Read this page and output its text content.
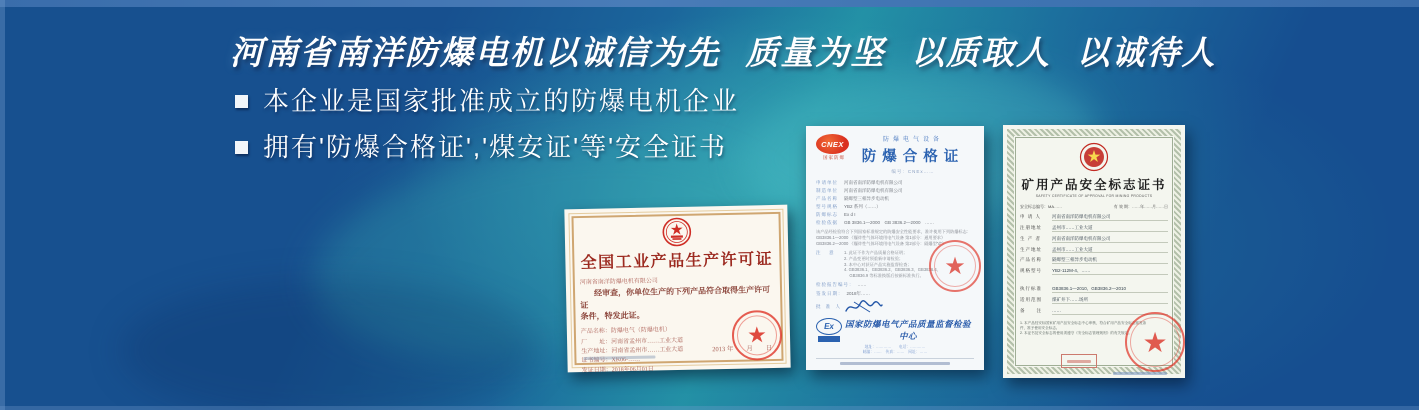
河南省南洋防爆电机以诚信为先 质量为坚 以质取人 以诚待人
本企业是国家批准成立的防爆电机企业
拥有'防爆合格证','煤安证'等'安全证书
全国工业产品生产许可证
河南省南洋防爆电机有限公司
经审查，你单位生产的下列产品符合取得生产许可证
条件，特发此证。
产品名称：防爆电气（防爆电机）
厂　　址：河南省孟州市……工业大道
生产地址：河南省孟州市……工业大道
证书编号：XK06-……
发证日期：2018年06月01日
2013 年　　月　　日
★
CNEX
国家防爆
防爆电气设备
防爆合格证
编号：CNEx……
申请单位	河南省南洋防爆电机有限公司
制造单位	河南省南洋防爆电机有限公司
产品名称	隔爆型三相异步电动机
型号规格	YB2 系列（……）
防爆标志	Ex d I
检验依据	GB 3836.1—2000　GB 3836.2—2000　……
该产品经检验符合下列国家标准规定的防爆安全性能要求，准许使用下列防爆标志：
GB3836.1—2000 《爆炸性气体环境用电气设备 第1部分：通用要求》
GB3836.2—2000 《爆炸性气体环境用电气设备 第2部分：隔爆型“d”》
注　意	1. 此证不作为产品质量合格证明；
2. 产品变更时须重新申请检验；
3. 本中心对获证产品实施监督检查；
4. GB3836.1、GB3836.2、GB3836.3、GB3836.4、
　 GB3836.9 等标准换版后按新标准执行。
检验报告编号： ……
签发日期： 2018年……
批 准 人
Ex	国家防爆电气产品质量监督检验中心
地址：…………　　电话：…………
邮编：……　传真：……　网址：……
★
矿用产品安全标志证书
SAFETY CERTIFICATE OF APPROVAL FOR MINING PRODUCTS
安全标志编号：MA……	有 效 期：……年……月……日
申 请 人	河南省南洋防爆电机有限公司
注册地址	孟州市……工业大道
生 产 者	河南省南洋防爆电机有限公司
生产地址	孟州市……工业大道
产品名称	隔爆型三相异步电动机
规格型号	YB2-112M-4、……
执行标准	GB3836.1—2010、GB3836.2—2010
适用范围	煤矿井下……场所
备　　注	……
1. 本产品经安标国家矿用产品安全标志中心审核，符合矿用产品安全标志颁发条件，准予使用安全标志。
2. 本证书及安全标志的使用须遵守《安全标志管理规则》的有关规定。 ★
